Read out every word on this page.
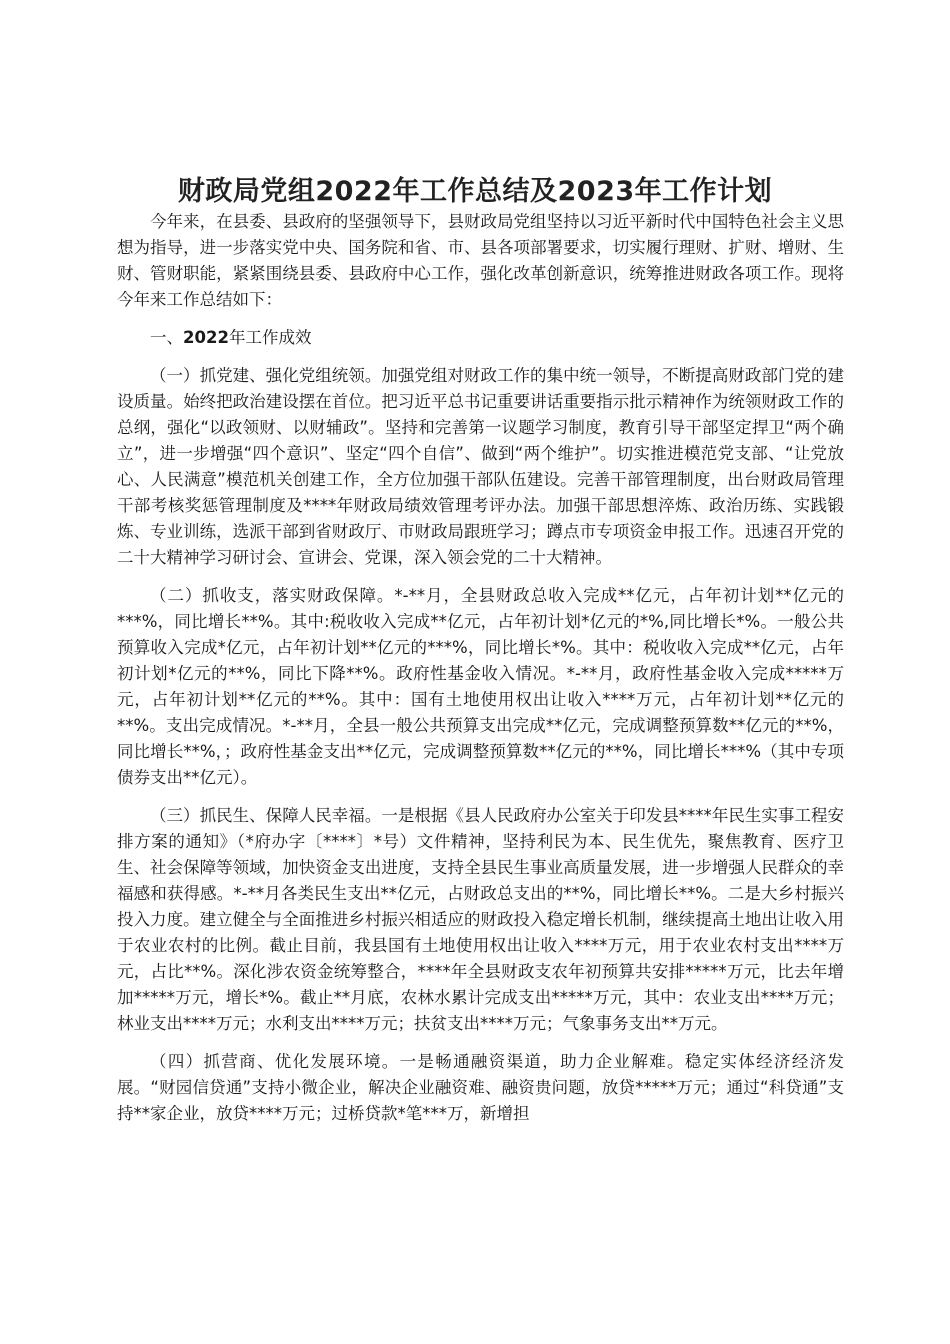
财政局党组2022年工作总结及2023年工作计划

今年来，在县委、县政府的坚强领导下，县财政局党组坚持以习近平新时代中国特色社会主义思想为指导，进一步落实党中央、国务院和省、市、县各项部署要求，切实履行理财、扩财、增财、生财、管财职能，紧紧围绕县委、县政府中心工作，强化改革创新意识，统筹推进财政各项工作。现将今年来工作总结如下：

一、2022年工作成效

（一）抓党建、强化党组统领。加强党组对财政工作的集中统一领导，不断提高财政部门党的建设质量。始终把政治建设摆在首位。把习近平总书记重要讲话重要指示批示精神作为统领财政工作的总纲，强化“以政领财、以财辅政”。坚持和完善第一议题学习制度，教育引导干部坚定捍卫“两个确立”，进一步增强“四个意识”、坚定“四个自信”、做到“两个维护”。切实推进模范党支部、“让党放心、人民满意”模范机关创建工作，全方位加强干部队伍建设。完善干部管理制度，出台财政局管理干部考核奖惩管理制度及****年财政局绩效管理考评办法。加强干部思想淬炼、政治历练、实践锻炼、专业训练，选派干部到省财政厅、市财政局跟班学习；蹲点市专项资金申报工作。迅速召开党的二十大精神学习研讨会、宣讲会、党课，深入领会党的二十大精神。

（二）抓收支，落实财政保障。*-**月，全县财政总收入完成**亿元，占年初计划**亿元的***%，同比增长**%。其中:税收收入完成**亿元，占年初计划*亿元的*%,同比增长*%。一般公共预算收入完成*亿元，占年初计划**亿元的***%，同比增长*%。其中：税收收入完成**亿元，占年初计划*亿元的**%，同比下降**%。政府性基金收入情况。*-**月，政府性基金收入完成*****万元，占年初计划**亿元的**%。其中：国有土地使用权出让收入****万元，占年初计划**亿元的**%。支出完成情况。*-**月，全县一般公共预算支出完成**亿元，完成调整预算数**亿元的**%，同比增长**%，；政府性基金支出**亿元，完成调整预算数**亿元的**%，同比增长***%（其中专项债券支出**亿元）。

（三）抓民生、保障人民幸福。一是根据《县人民政府办公室关于印发县****年民生实事工程安排方案的通知》（*府办字〔****〕*号）文件精神，坚持利民为本、民生优先，聚焦教育、医疗卫生、社会保障等领域，加快资金支出进度，支持全县民生事业高质量发展，进一步增强人民群众的幸福感和获得感。*-**月各类民生支出**亿元，占财政总支出的**%，同比增长**%。二是大乡村振兴投入力度。建立健全与全面推进乡村振兴相适应的财政投入稳定增长机制，继续提高土地出让收入用于农业农村的比例。截止目前，我县国有土地使用权出让收入****万元，用于农业农村支出****万元，占比**%。深化涉农资金统筹整合，****年全县财政支农年初预算共安排*****万元，比去年增加*****万元，增长*%。截止**月底，农林水累计完成支出*****万元，其中：农业支出****万元；林业支出****万元；水利支出****万元；扶贫支出****万元；气象事务支出**万元。

（四）抓营商、优化发展环境。一是畅通融资渠道，助力企业解难。稳定实体经济经济发展。“财园信贷通”支持小微企业，解决企业融资难、融资贵问题，放贷*****万元；通过“科贷通”支持**家企业，放贷****万元；过桥贷款*笔***万，新增担
